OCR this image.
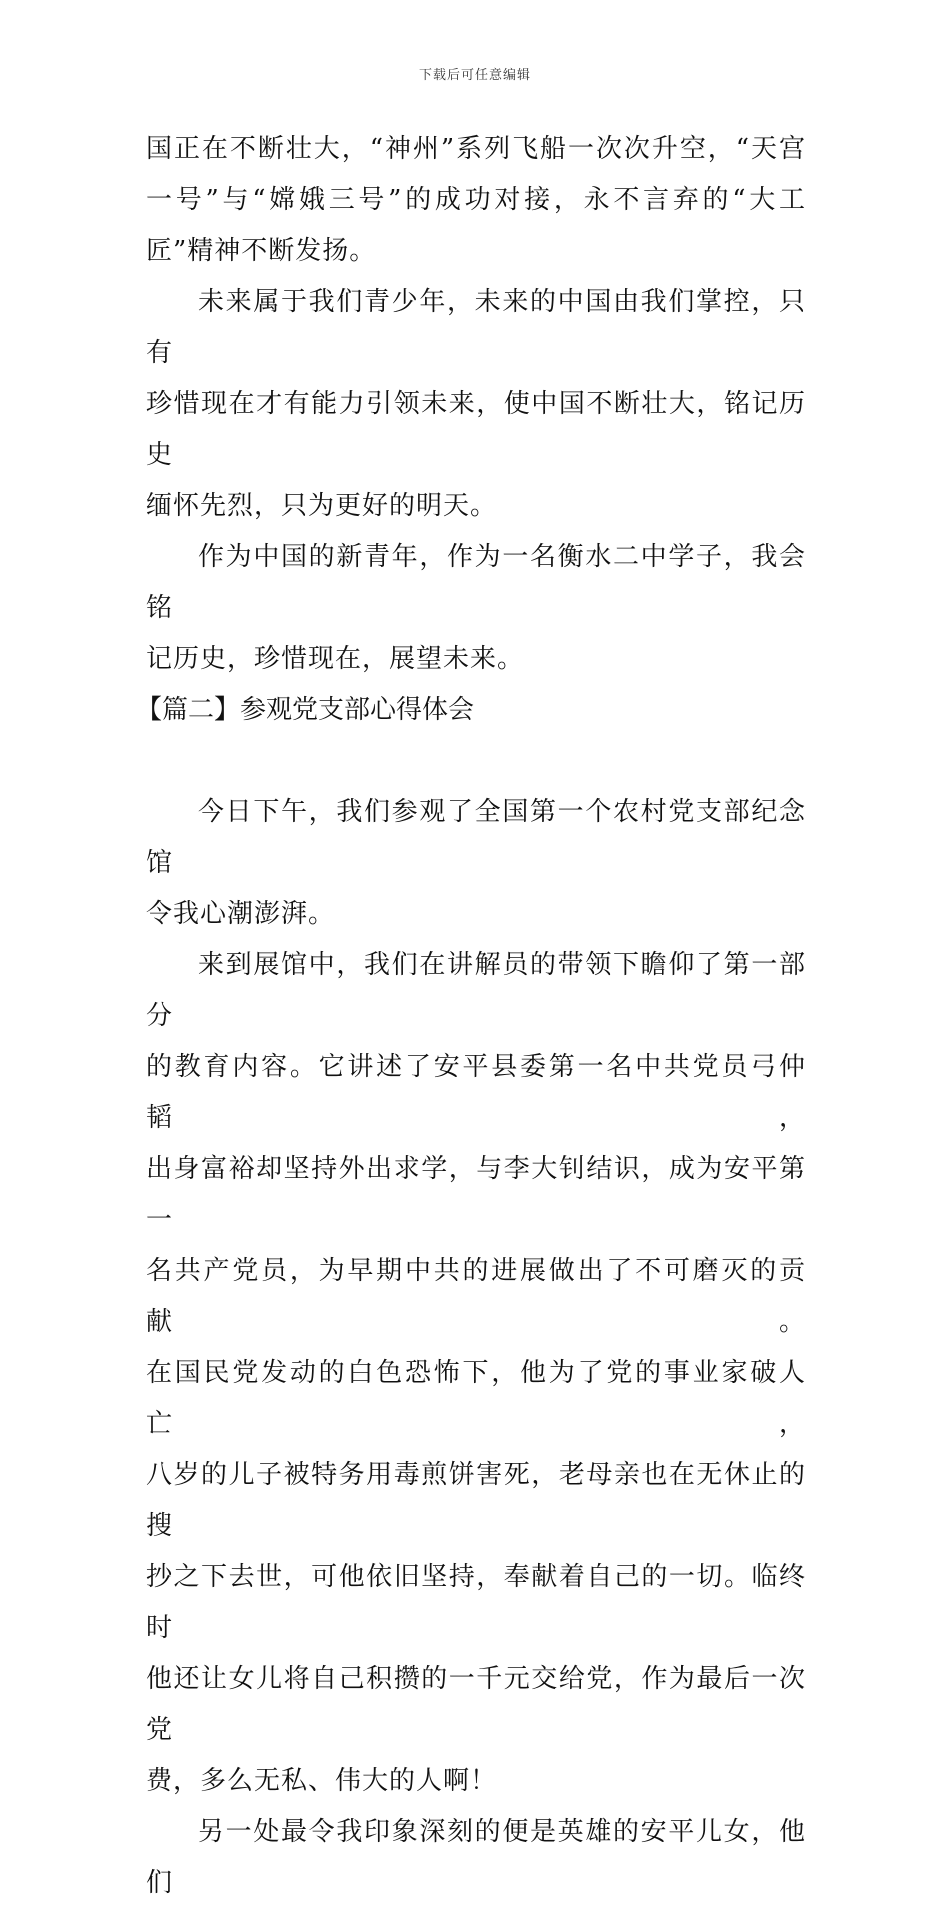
下载后可任意编辑
国正在不断壮大，“神州”系列飞船一次次升空，“天宫
一号”与“嫦娥三号”的成功对接，永不言弃的“大工
匠”精神不断发扬。
未来属于我们青少年，未来的中国由我们掌控，只有
珍惜现在才有能力引领未来，使中国不断壮大，铭记历史
缅怀先烈，只为更好的明天。
作为中国的新青年，作为一名衡水二中学子，我会铭
记历史，珍惜现在，展望未来。
【篇二】参观党支部心得体会
今日下午，我们参观了全国第一个农村党支部纪念馆
令我心潮澎湃。
来到展馆中，我们在讲解员的带领下瞻仰了第一部分
的教育内容。它讲述了安平县委第一名中共党员弓仲韬，
出身富裕却坚持外出求学，与李大钊结识，成为安平第一
名共产党员，为早期中共的进展做出了不可磨灭的贡献。
在国民党发动的白色恐怖下，他为了党的事业家破人亡，
八岁的儿子被特务用毒煎饼害死，老母亲也在无休止的搜
抄之下去世，可他依旧坚持，奉献着自己的一切。临终时
他还让女儿将自己积攒的一千元交给党，作为最后一次党
费，多么无私、伟大的人啊！
另一处最令我印象深刻的便是英雄的安平儿女，他们
